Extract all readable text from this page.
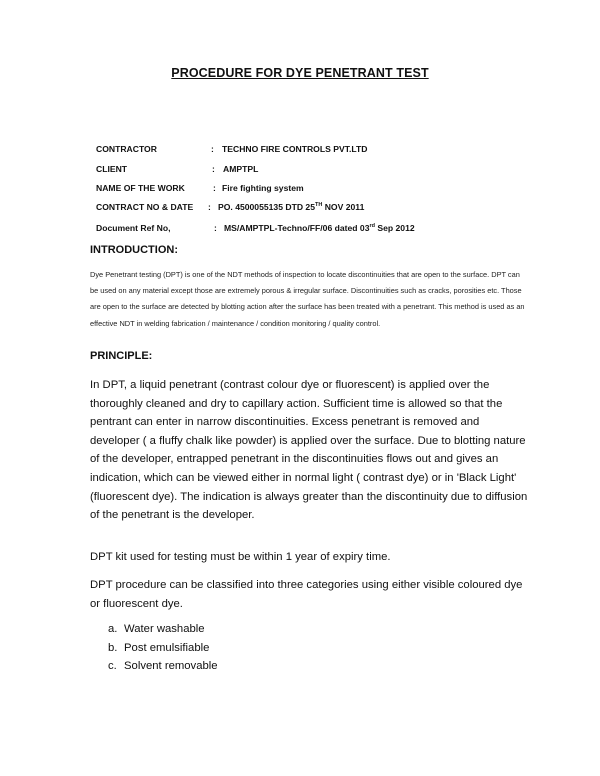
PROCEDURE FOR DYE PENETRANT TEST
CONTRACTOR	: TECHNO FIRE CONTROLS PVT.LTD
CLIENT	: AMPTPL
NAME OF THE WORK	: Fire fighting system
CONTRACT NO & DATE : PO. 4500055135 DTD 25TH NOV 2011
Document Ref No,	: MS/AMPTPL-Techno/FF/06 dated 03rd Sep 2012
INTRODUCTION:

Dye Penetrant testing (DPT) is one of the NDT methods of inspection to locate discontinuities that are open to the surface. DPT can be used on any material except those are extremely porous & irregular surface. Discontinuities such as cracks, porosities etc. Those are open to the surface are detected by blotting action after the surface has been treated with a penetrant. This method is used as an effective NDT in welding fabrication / maintenance / condition monitoring / quality control.

PRINCIPLE:

In DPT, a liquid penetrant (contrast colour dye or fluorescent) is applied over the thoroughly cleaned and dry to capillary action. Sufficient time is allowed so that the pentrant can enter in narrow discontinuities. Excess penetrant is removed and developer ( a fluffy chalk like powder) is applied over the surface. Due to blotting nature of the developer, entrapped penetrant in the discontinuities flows out and gives an indication, which can be viewed either in normal light ( contrast dye) or in 'Black Light' (fluorescent dye). The indication is always greater than the discontinuity due to diffusion of the penetrant is the developer.

DPT kit used for testing must be within 1 year of expiry time.

DPT procedure can be classified into three categories using either visible coloured dye or fluorescent dye.

a. Water washable
b. Post emulsifiable
c. Solvent removable
